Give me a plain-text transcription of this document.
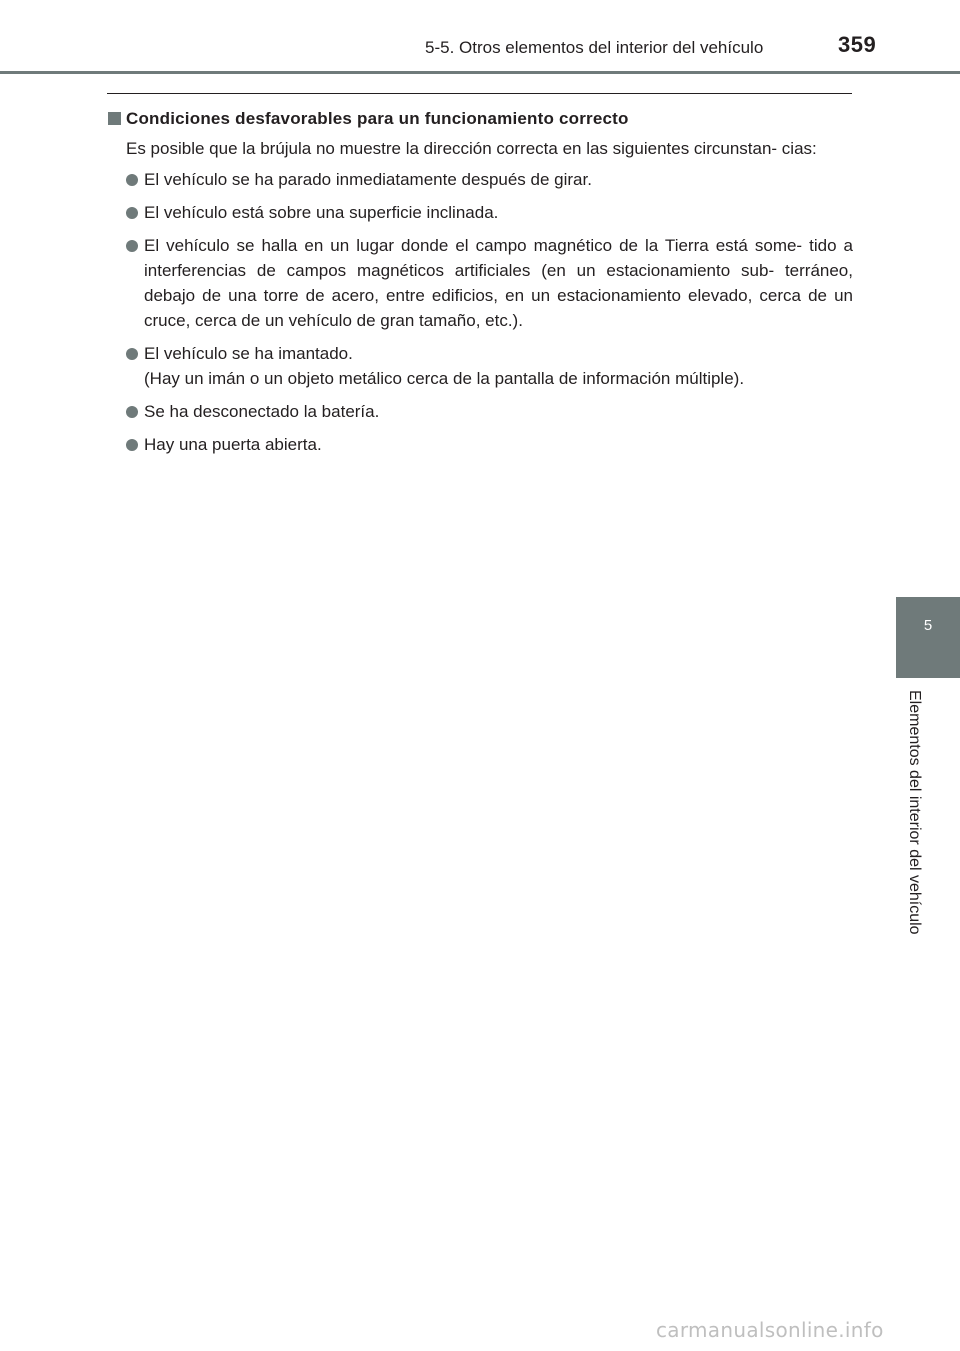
5-5. Otros elementos del interior del vehículo	359
5
Elementos del interior del vehículo
Condiciones desfavorables para un funcionamiento correcto
Es posible que la brújula no muestre la dirección correcta en las siguientes circunstan- cias:
El vehículo se ha parado inmediatamente después de girar.
El vehículo está sobre una superficie inclinada.
El vehículo se halla en un lugar donde el campo magnético de la Tierra está some- tido a interferencias de campos magnéticos artificiales (en un estacionamiento sub- terráneo, debajo de una torre de acero, entre edificios, en un estacionamiento elevado, cerca de un cruce, cerca de un vehículo de gran tamaño, etc.).
El vehículo se ha imantado.
(Hay un imán o un objeto metálico cerca de la pantalla de información múltiple).
Se ha desconectado la batería.
Hay una puerta abierta.
carmanualsonline.info
